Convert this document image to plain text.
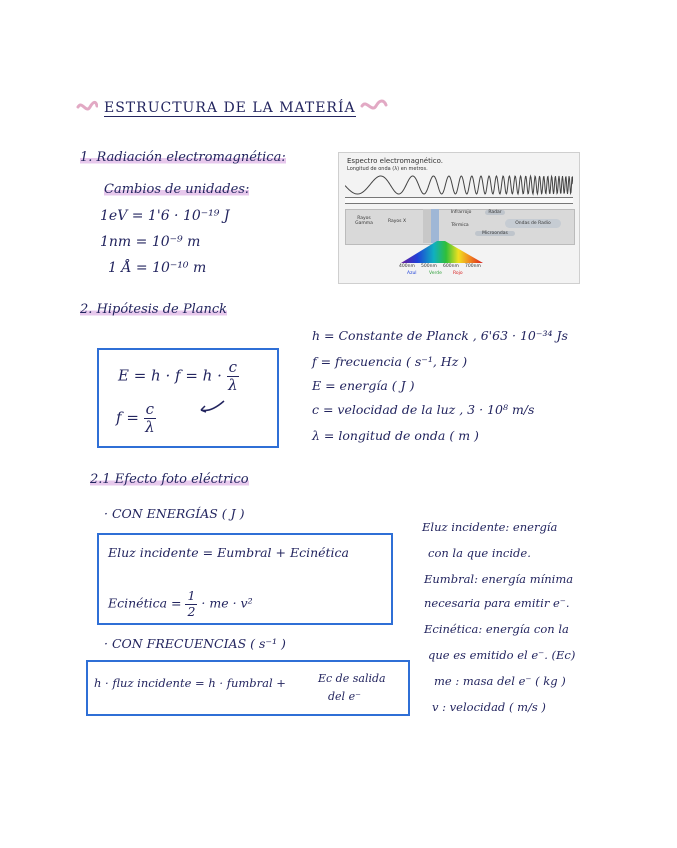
ESTRUCTURA DE LA MATERÍA
1. Radiación electromagnética:
Cambios de unidades:
1eV = 1'6 · 10⁻¹⁹ J
1nm = 10⁻⁹ m
1 Å = 10⁻¹⁰ m
Espectro electromagnético.
Longitud de onda (λ) en metros.
Rayos Gamma	Rayos X
Infrarrojo	Radar
Ondas de Radio
Microondas
Térmica
400nm 500nm 600nm 700nm
Azul	Verde Rojo
2. Hipótesis de Planck
$E = h \cdot f = h \cdot \frac{c}{\lambda}$
$f = \frac{c}{\lambda}$
h = Constante de Planck , 6'63 · 10⁻³⁴ Js
f = frecuencia ( s⁻¹, Hz )
E = energía ( J )
c = velocidad de la luz , 3 · 10⁸ m/s
λ = longitud de onda ( m )
2.1 Efecto foto eléctrico
· CON ENERGÍAS ( J )
Eluz incidente = Eumbral + Ecinética
Ecinética = $\frac{1}{2}$ · me · v²
· CON FRECUENCIAS ( s⁻¹ )
h · fluz incidente = h · fumbral +	Ec de salida
del e⁻
Eluz incidente: energía
con la que incide.
Eumbral: energía mínima
necesaria para emitir e⁻.
Ecinética: energía con la
que es emitido el e⁻. (Ec)
me : masa del e⁻ ( kg )
v : velocidad ( m/s )
